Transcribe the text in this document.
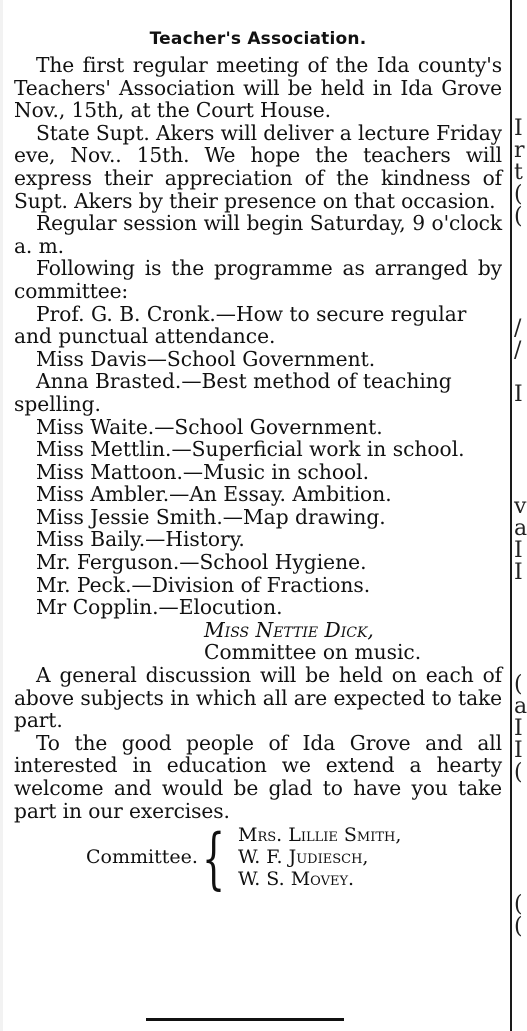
Teacher's Association.

The first regular meeting of the Ida county's Teachers' Association will be held in Ida Grove Nov., 15th, at the Court House.

State Supt. Akers will deliver a lecture Friday eve, Nov.. 15th. We hope the teachers will express their appreciation of the kindness of Supt. Akers by their presence on that occasion.

Regular session will begin Saturday, 9 o'clock a. m.

Following is the programme as arranged by committee:

Prof. G. B. Cronk.—How to secure regular and punctual attendance.

Miss Davis—School Government.

Anna Brasted.—Best method of teaching spelling.

Miss Waite.—School Government.

Miss Mettlin.—Superficial work in school.

Miss Mattoon.—Music in school.

Miss Ambler.—An Essay. Ambition.

Miss Jessie Smith.—Map drawing.

Miss Baily.—History.

Mr. Ferguson.—School Hygiene.

Mr. Peck.—Division of Fractions.

Mr Copplin.—Elocution.

Miss Nettie Dick,
Committee on music.

A general discussion will be held on each of above subjects in which all are expected to take part.

To the good people of Ida Grove and all interested in education we extend a hearty welcome and would be glad to have you take part in our exercises.

Committee. { Mrs. Lillie Smith,
W. F. Judiesch,
W. S. Movey.
I
r
t
(
(
/
/
I
v
a
I
I
(
a
I
I
(
(
(
